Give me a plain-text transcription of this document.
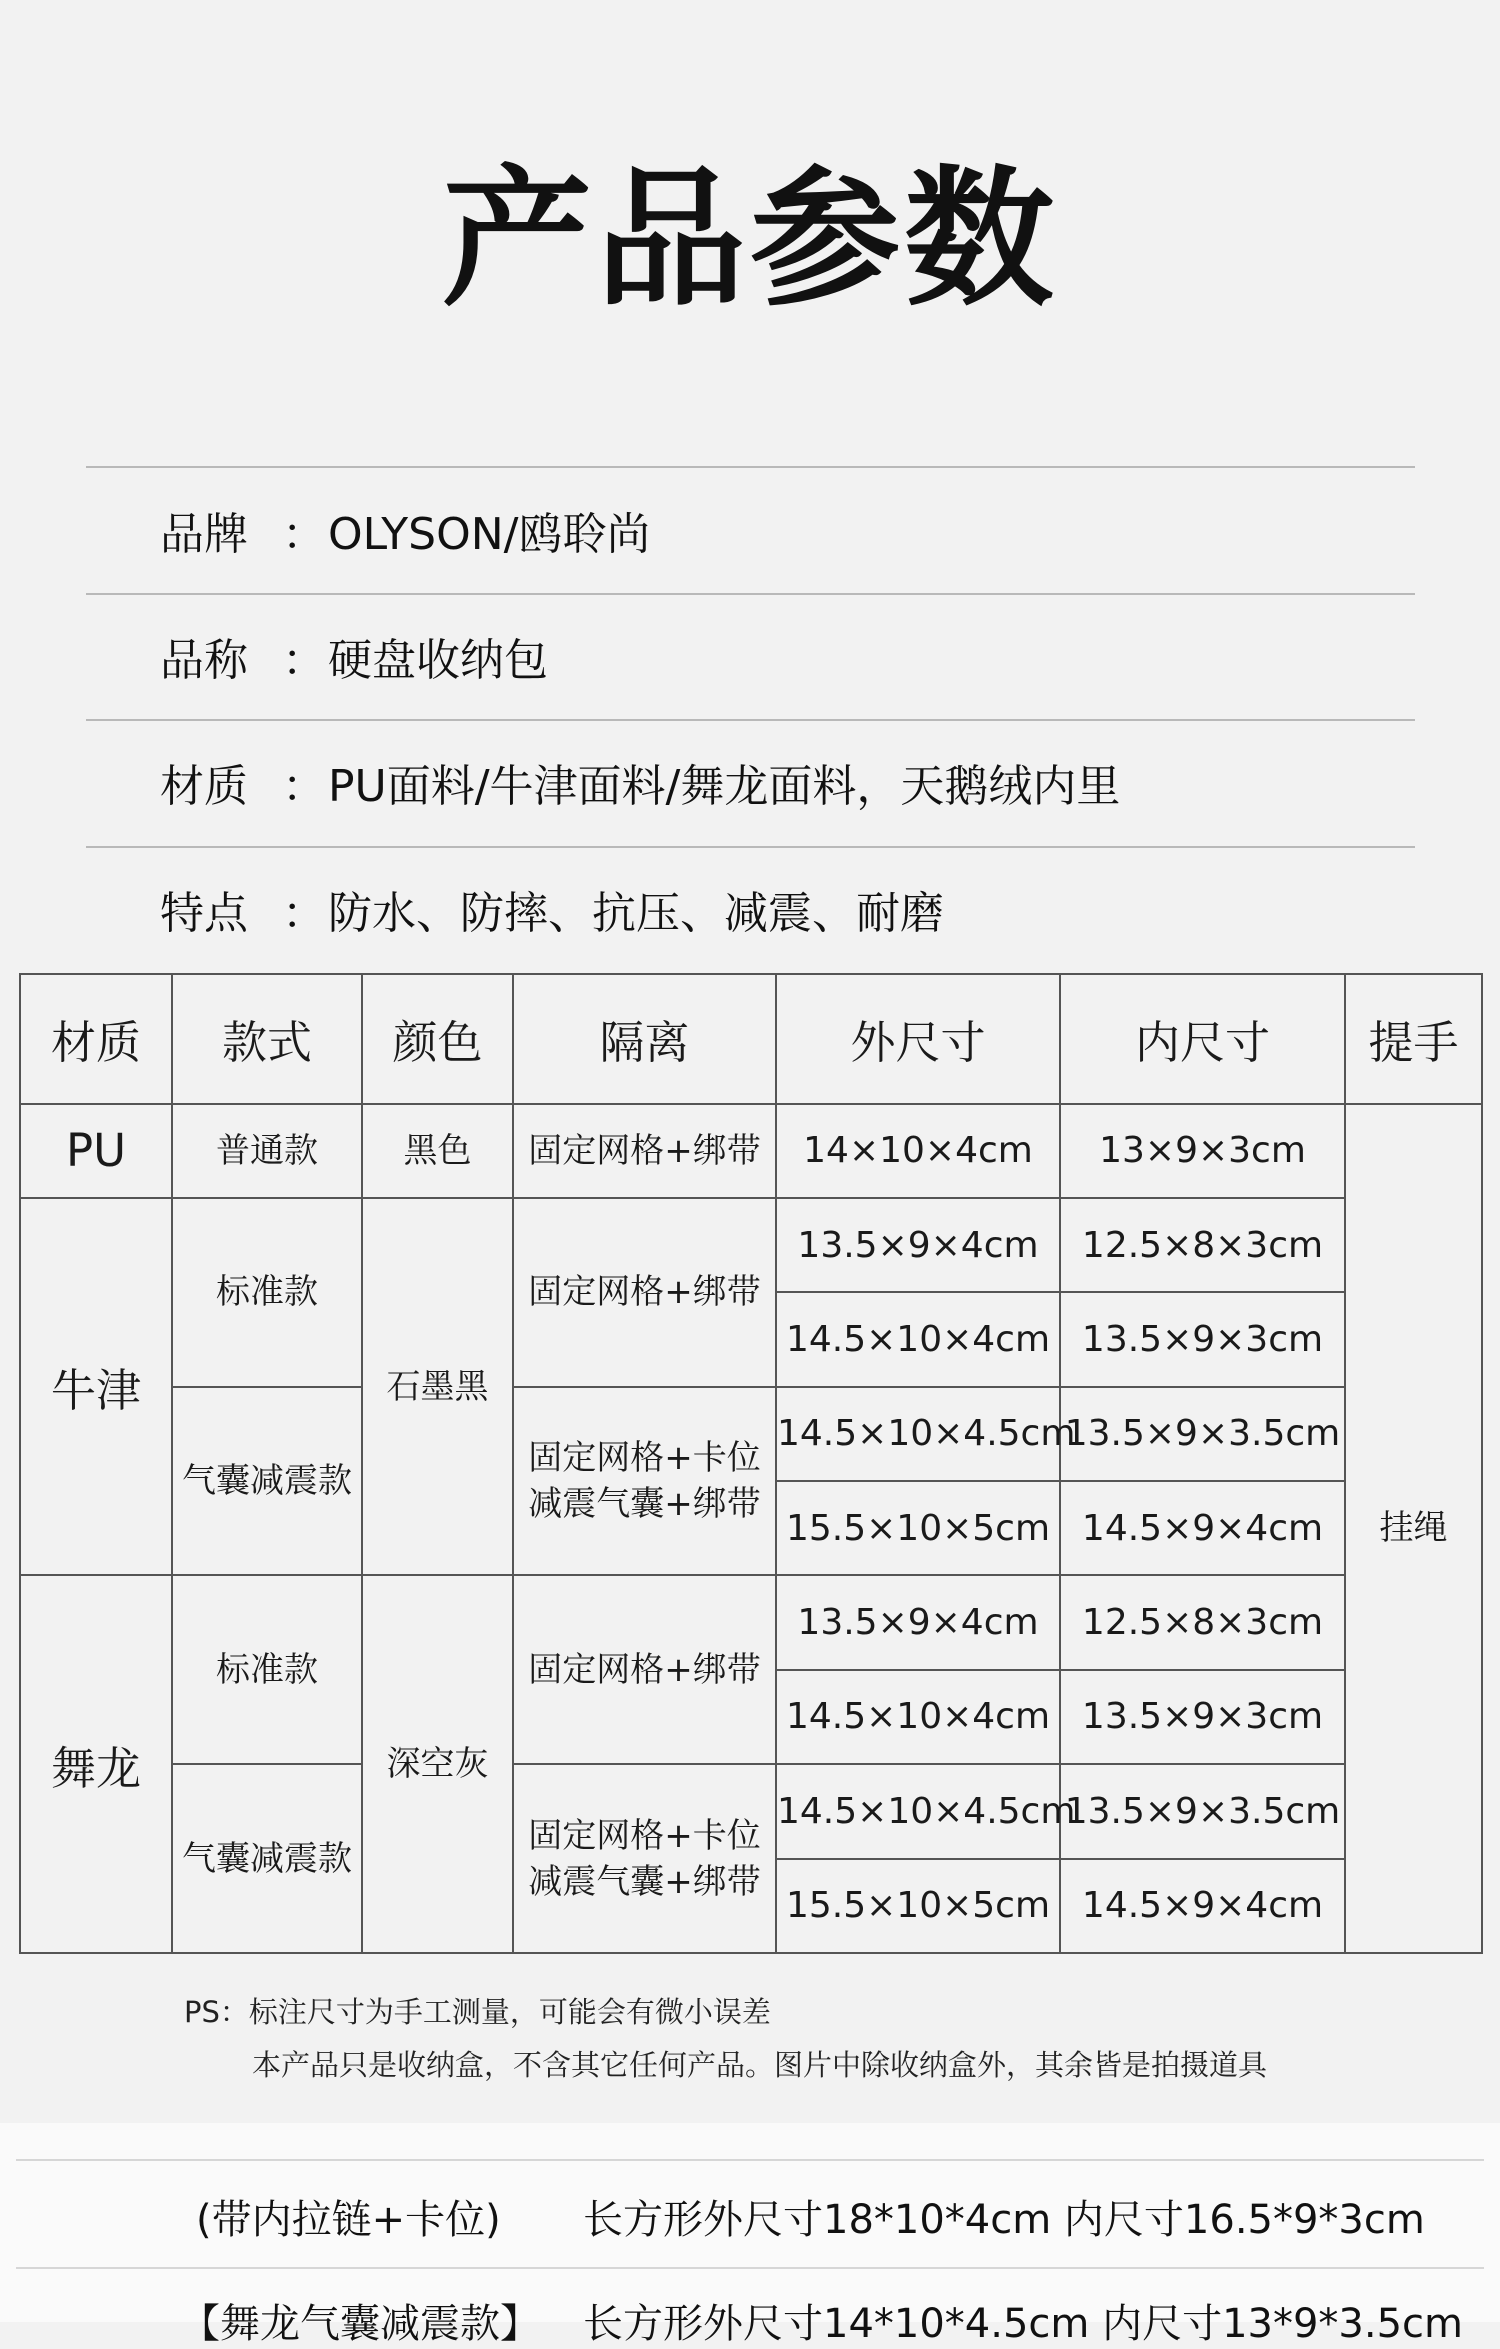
产品参数
品牌 ：OLYSON/鸥聆尚
品称 ：硬盘收纳包
材质 ：PU面料/牛津面料/舞龙面料，天鹅绒内里
特点 ：防水、防摔、抗压、减震、耐磨
材质	款式	颜色	隔离	外尺寸	内尺寸	提手
PU	普通款	黑色	固定网格+绑带	14×10×4cm	13×9×3cm	挂绳
牛津	标准款	石墨黑	固定网格+绑带	13.5×9×4cm	12.5×8×3cm	
				14.5×10×4cm	13.5×9×3cm	
	气囊减震款		固定网格+卡位
减震气囊+绑带	14.5×10×4.5cm	13.5×9×3.5cm	
				15.5×10×5cm	14.5×9×4cm	
舞龙	标准款	深空灰	固定网格+绑带	13.5×9×4cm	12.5×8×3cm	
				14.5×10×4cm	13.5×9×3cm	
	气囊减震款		固定网格+卡位
减震气囊+绑带	14.5×10×4.5cm	13.5×9×3.5cm	
				15.5×10×5cm	14.5×9×4cm	
PS：标注尺寸为手工测量，可能会有微小误差
本产品只是收纳盒，不含其它任何产品。图片中除收纳盒外，其余皆是拍摄道具
(带内拉链+卡位) 长方形外尺寸18*10*4cm 内尺寸16.5*9*3cm
【舞龙气囊减震款】 长方形外尺寸14*10*4.5cm 内尺寸13*9*3.5cm
